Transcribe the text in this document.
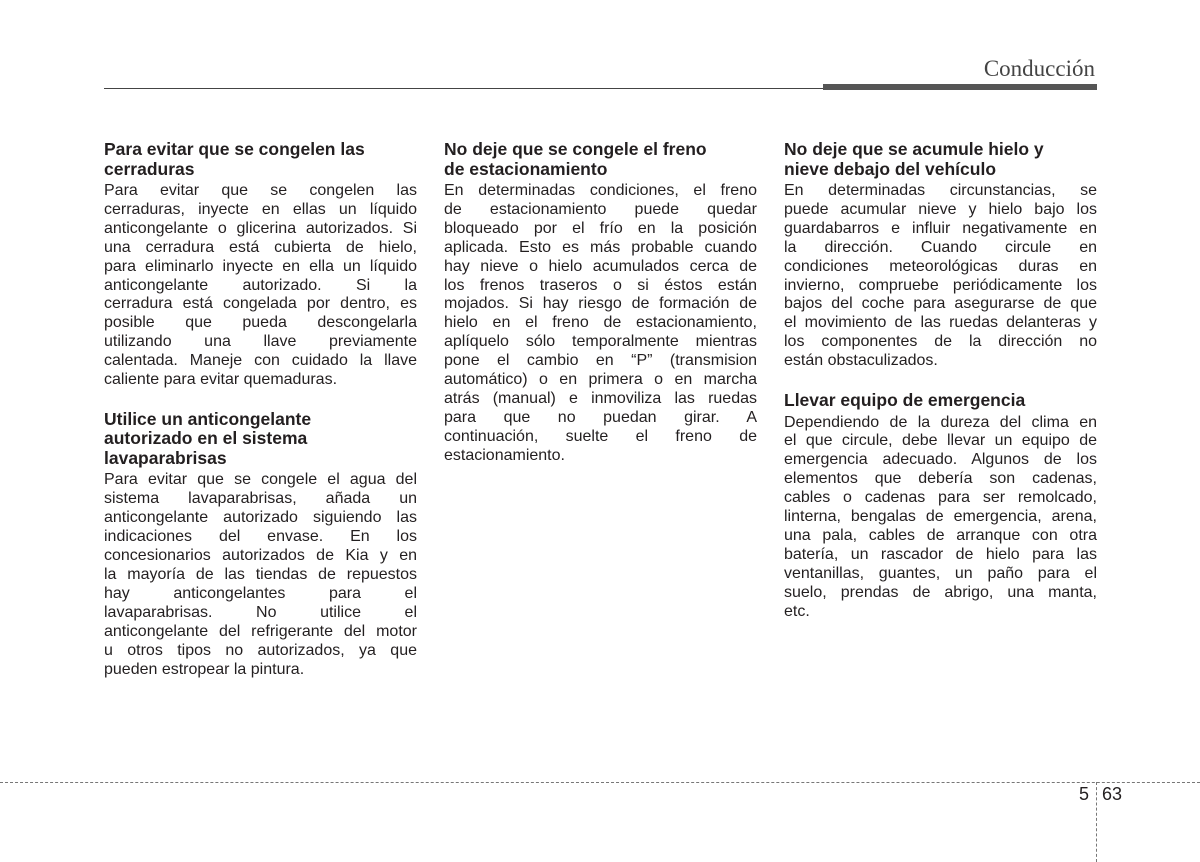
Conducción
Para evitar que se congelen las
cerraduras
Para evitar que se congelen las
cerraduras, inyecte en ellas un líquido
anticongelante o glicerina autorizados. Si
una cerradura está cubierta de hielo,
para eliminarlo inyecte en ella un líquido
anticongelante autorizado. Si la
cerradura está congelada por dentro, es
posible que pueda descongelarla
utilizando una llave previamente
calentada. Maneje con cuidado la llave
caliente para evitar quemaduras.
Utilice un anticongelante
autorizado en el sistema
lavaparabrisas
Para evitar que se congele el agua del
sistema lavaparabrisas, añada un
anticongelante autorizado siguiendo las
indicaciones del envase. En los
concesionarios autorizados de Kia y en
la mayoría de las tiendas de repuestos
hay anticongelantes para el
lavaparabrisas. No utilice el
anticongelante del refrigerante del motor
u otros tipos no autorizados, ya que
pueden estropear la pintura.
No deje que se congele el freno
de estacionamiento
En determinadas condiciones, el freno
de estacionamiento puede quedar
bloqueado por el frío en la posición
aplicada. Esto es más probable cuando
hay nieve o hielo acumulados cerca de
los frenos traseros o si éstos están
mojados. Si hay riesgo de formación de
hielo en el freno de estacionamiento,
aplíquelo sólo temporalmente mientras
pone el cambio en “P” (transmision
automático) o en primera o en marcha
atrás (manual) e inmoviliza las ruedas
para que no puedan girar. A
continuación, suelte el freno de
estacionamiento.
No deje que se acumule hielo y
nieve debajo del vehículo
En determinadas circunstancias, se
puede acumular nieve y hielo bajo los
guardabarros e influir negativamente en
la dirección. Cuando circule en
condiciones meteorológicas duras en
invierno, compruebe periódicamente los
bajos del coche para asegurarse de que
el movimiento de las ruedas delanteras y
los componentes de la dirección no
están obstaculizados.
Llevar equipo de emergencia
Dependiendo de la dureza del clima en
el que circule, debe llevar un equipo de
emergencia adecuado. Algunos de los
elementos que debería son cadenas,
cables o cadenas para ser remolcado,
linterna, bengalas de emergencia, arena,
una pala, cables de arranque con otra
batería, un rascador de hielo para las
ventanillas, guantes, un paño para el
suelo, prendas de abrigo, una manta,
etc.
5 63
